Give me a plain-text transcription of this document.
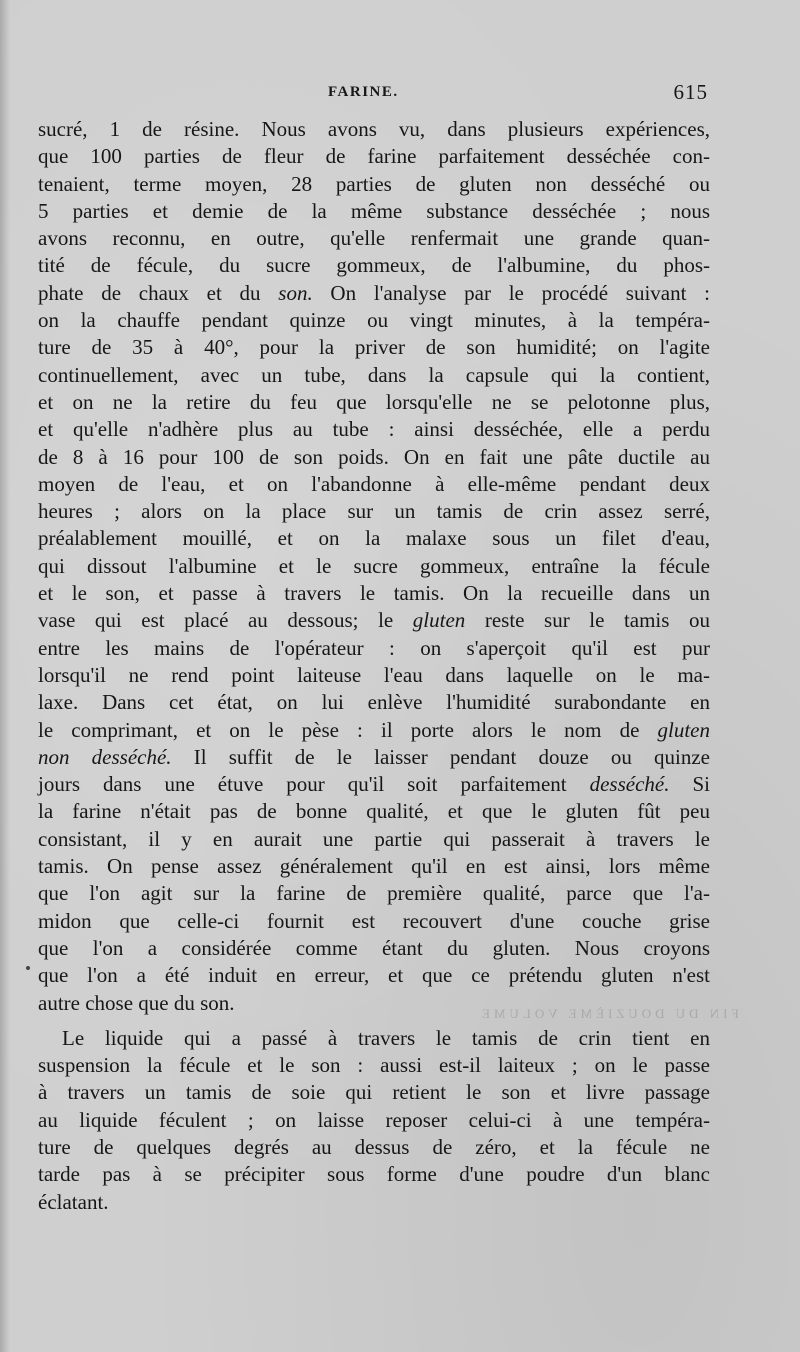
FARINE.	615
FIN DU DOUZIÈME VOLUME
sucré, 1 de résine. Nous avons vu, dans plusieurs expériences,
que 100 parties de fleur de farine parfaitement desséchée con-
tenaient, terme moyen, 28 parties de gluten non desséché ou
5 parties et demie de la même substance desséchée ; nous
avons reconnu, en outre, qu'elle renfermait une grande quan-
tité de fécule, du sucre gommeux, de l'albumine, du phos-
phate de chaux et du son. On l'analyse par le procédé suivant :
on la chauffe pendant quinze ou vingt minutes, à la tempéra-
ture de 35 à 40°, pour la priver de son humidité; on l'agite
continuellement, avec un tube, dans la capsule qui la contient,
et on ne la retire du feu que lorsqu'elle ne se pelotonne plus,
et qu'elle n'adhère plus au tube : ainsi desséchée, elle a perdu
de 8 à 16 pour 100 de son poids. On en fait une pâte ductile au
moyen de l'eau, et on l'abandonne à elle-même pendant deux
heures ; alors on la place sur un tamis de crin assez serré,
préalablement mouillé, et on la malaxe sous un filet d'eau,
qui dissout l'albumine et le sucre gommeux, entraîne la fécule
et le son, et passe à travers le tamis. On la recueille dans un
vase qui est placé au dessous; le gluten reste sur le tamis ou
entre les mains de l'opérateur : on s'aperçoit qu'il est pur
lorsqu'il ne rend point laiteuse l'eau dans laquelle on le ma-
laxe. Dans cet état, on lui enlève l'humidité surabondante en
le comprimant, et on le pèse : il porte alors le nom de gluten
non desséché. Il suffit de le laisser pendant douze ou quinze
jours dans une étuve pour qu'il soit parfaitement desséché. Si
la farine n'était pas de bonne qualité, et que le gluten fût peu
consistant, il y en aurait une partie qui passerait à travers le
tamis. On pense assez généralement qu'il en est ainsi, lors même
que l'on agit sur la farine de première qualité, parce que l'a-
midon que celle-ci fournit est recouvert d'une couche grise
que l'on a considérée comme étant du gluten. Nous croyons
que l'on a été induit en erreur, et que ce prétendu gluten n'est
autre chose que du son.
Le liquide qui a passé à travers le tamis de crin tient en
suspension la fécule et le son : aussi est-il laiteux ; on le passe
à travers un tamis de soie qui retient le son et livre passage
au liquide féculent ; on laisse reposer celui-ci à une tempéra-
ture de quelques degrés au dessus de zéro, et la fécule ne
tarde pas à se précipiter sous forme d'une poudre d'un blanc
éclatant.
